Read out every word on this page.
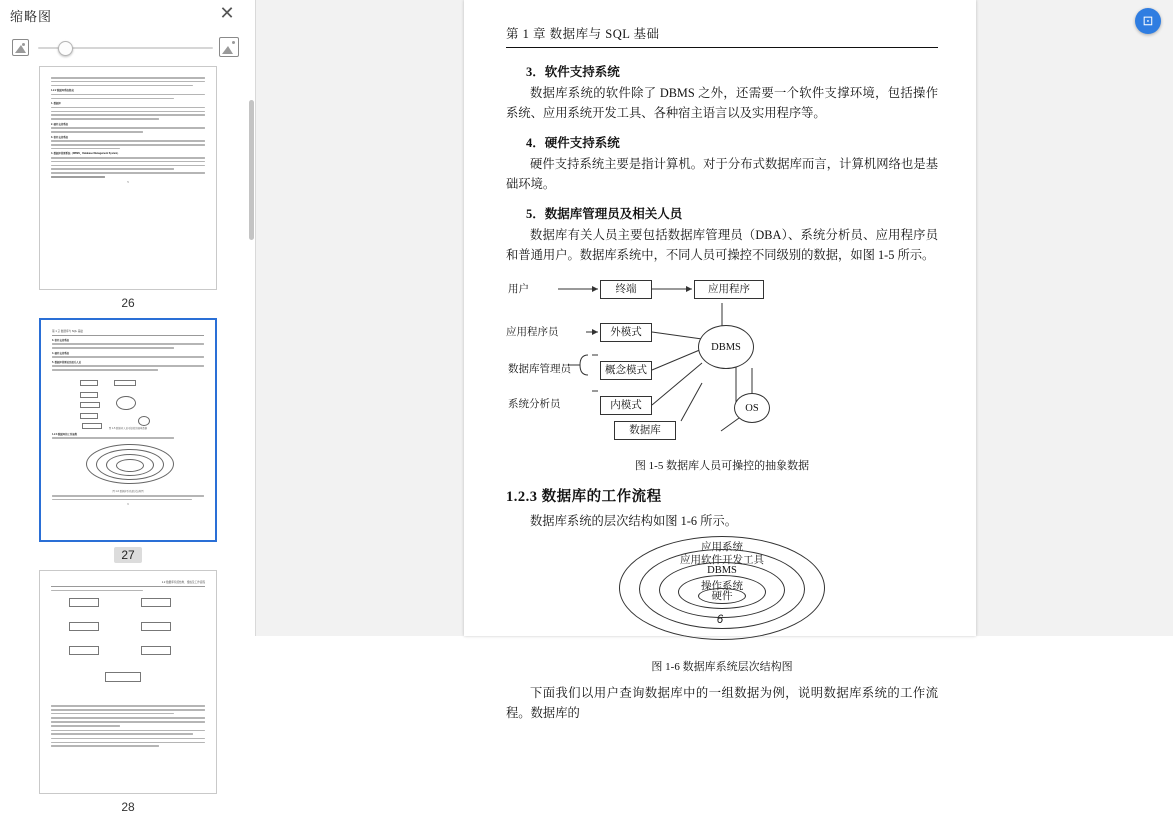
缩略图	✕
1.2.2 数据库系统组成
1. 数据库
2. 硬件支持系统
3. 软件支持系统
4. 数据库管理系统（DBMS，Database Management System）
5
26
第 1 章 数据库与 SQL 基础
3. 软件支持系统
4. 硬件支持系统
5. 数据库管理员及相关人员
图 1-5 数据库人员可操控的抽象数据
1.2.3 数据库的工作流程
图 1-6 数据库系统层次结构图
6
27
1.2 数据库系统结构、组成及工作流程
28
⊡
第 1 章 数据库与 SQL 基础
3．软件支持系统

数据库系统的软件除了 DBMS 之外，还需要一个软件支撑环境，包括操作系统、应用系统开发工具、各种宿主语言以及实用程序等。

4．硬件支持系统

硬件支持系统主要是指计算机。对于分布式数据库而言，计算机网络也是基础环境。

5．数据库管理员及相关人员

数据库有关人员主要包括数据库管理员（DBA）、系统分析员、应用程序员和普通用户。数据库系统中，不同人员可操控不同级别的数据，如图 1-5 所示。

用户	终端	应用程序
应用程序员	外模式
概念模式
数据库管理员
内模式
系统分析员
数据库
DBMS
OS
图 1-5 数据库人员可操控的抽象数据
1.2.3 数据库的工作流程

数据库系统的层次结构如图 1-6 所示。

应用系统
应用软件开发工具
DBMS
操作系统
硬件
图 1-6 数据库系统层次结构图

下面我们以用户查询数据库中的一组数据为例，说明数据库系统的工作流程。数据库的

6
